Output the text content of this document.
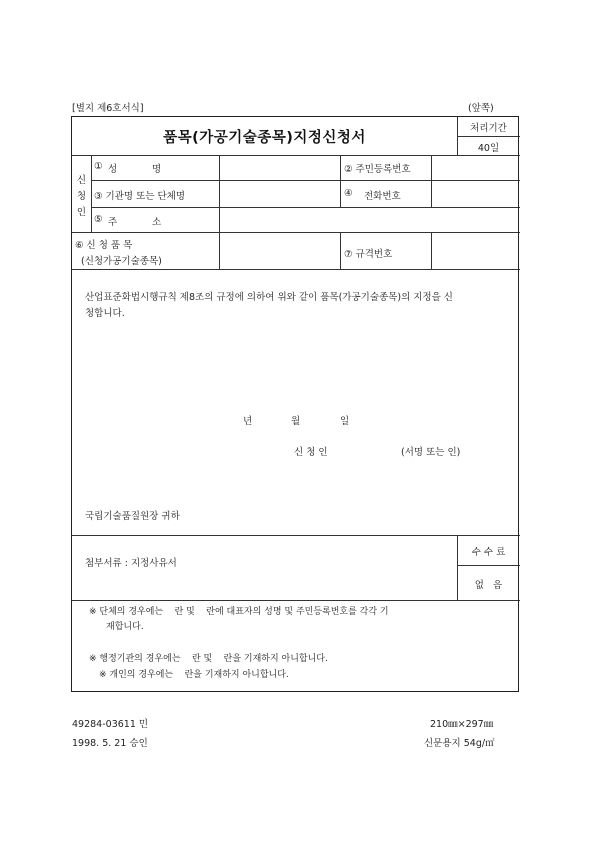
[별지 제6호서식]	(앞쪽)
품목(가공기술종목)지정신청서
처리기간
40일
신
청
인
① 성	명	② 주민등록번호
③ 기관명 또는 단체명	④ 전화번호
⑤ 주	소
⑥ 신 청 품 목
(신청가공기술종목)
⑦ 규격번호
산업표준화법시행규칙 제8조의 규정에 의하여 위와 같이 품목(가공기술종목)의 지정을 신
청합니다.
년	월	일
신 청 인	(서명 또는 인)
국립기술품질원장 귀하
첨부서류 : 지정사유서
수 수 료
없   음
※ 단체의 경우에는    란 및    란에 대표자의 성명 및 주민등록번호를 각각 기
재합니다.
※ 행정기관의 경우에는    란 및    란을 기재하지 아니합니다.
※ 개인의 경우에는    란을 기재하지 아니합니다.
49284-03611 민
1998. 5. 21 승인
210㎜×297㎜
신문용지 54g/㎡
